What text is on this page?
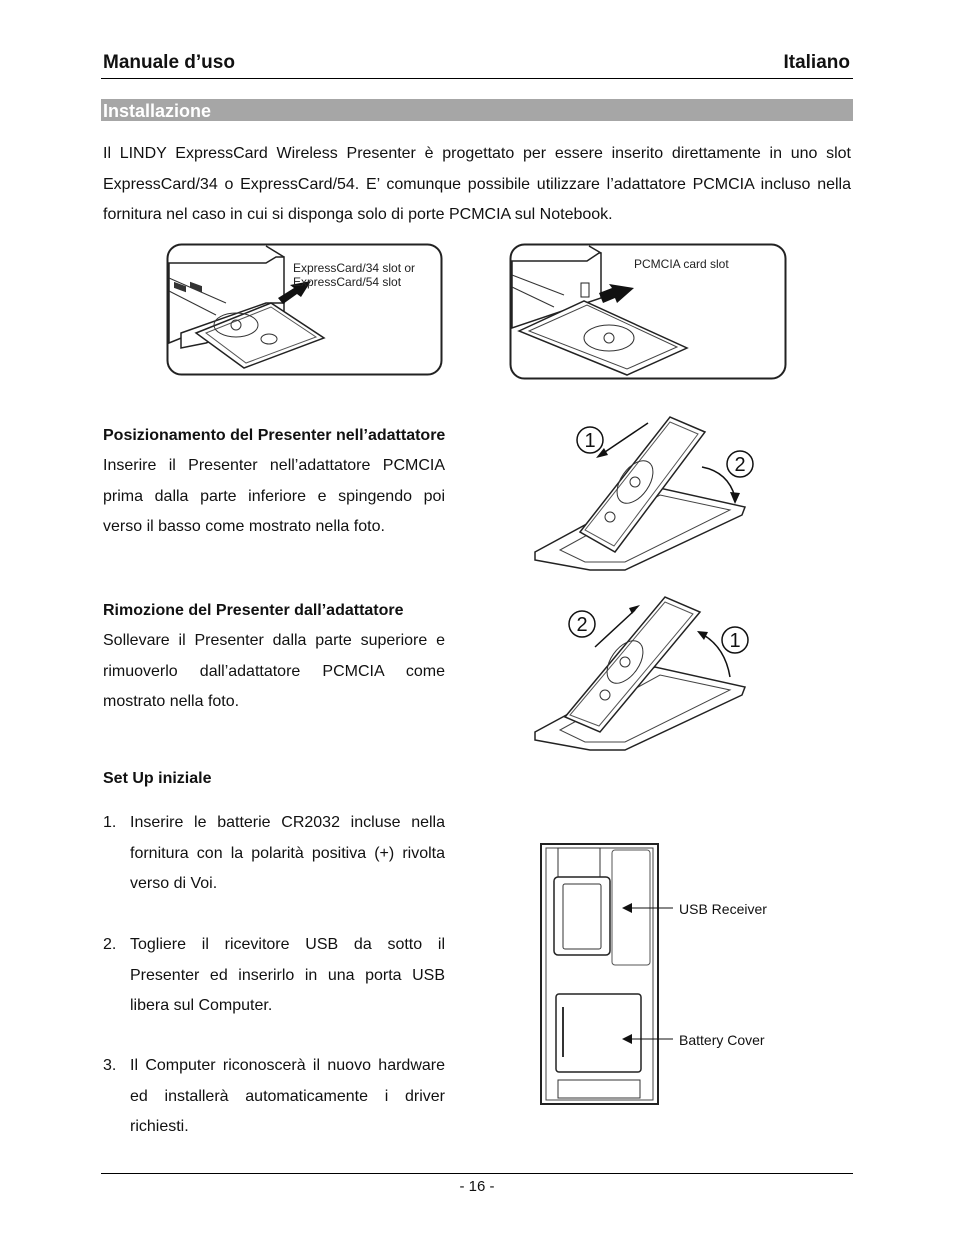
Manuale d’uso	Italiano
Installazione
Il LINDY ExpressCard Wireless Presenter è progettato per essere inserito direttamente in uno slot ExpressCard/34 o ExpressCard/54. E’ comunque possibile utilizzare l’adattatore PCMCIA incluso nella fornitura nel caso in cui si disponga solo di porte PCMCIA sul Notebook.
ExpressCard/34 slot or
ExpressCard/54 slot
PCMCIA card slot
Posizionamento del Presenter nell’adattatore
Inserire il Presenter nell’adattatore PCMCIA prima dalla parte inferiore e spingendo poi verso il basso come mostrato nella foto.
1
2
Rimozione del Presenter dall’adattatore
Sollevare il Presenter dalla parte superiore e rimuoverlo dall’adattatore PCMCIA come mostrato nella foto.
2
1
Set Up iniziale
1. Inserire le batterie CR2032 incluse nella fornitura con la polarità positiva (+) rivolta verso di Voi.
2. Togliere il ricevitore USB da sotto il Presenter ed inserirlo in una porta USB libera sul Computer.
3. Il Computer riconoscerà il nuovo hardware ed installerà automaticamente i driver richiesti.
USB Receiver
Battery Cover
- 16 -
